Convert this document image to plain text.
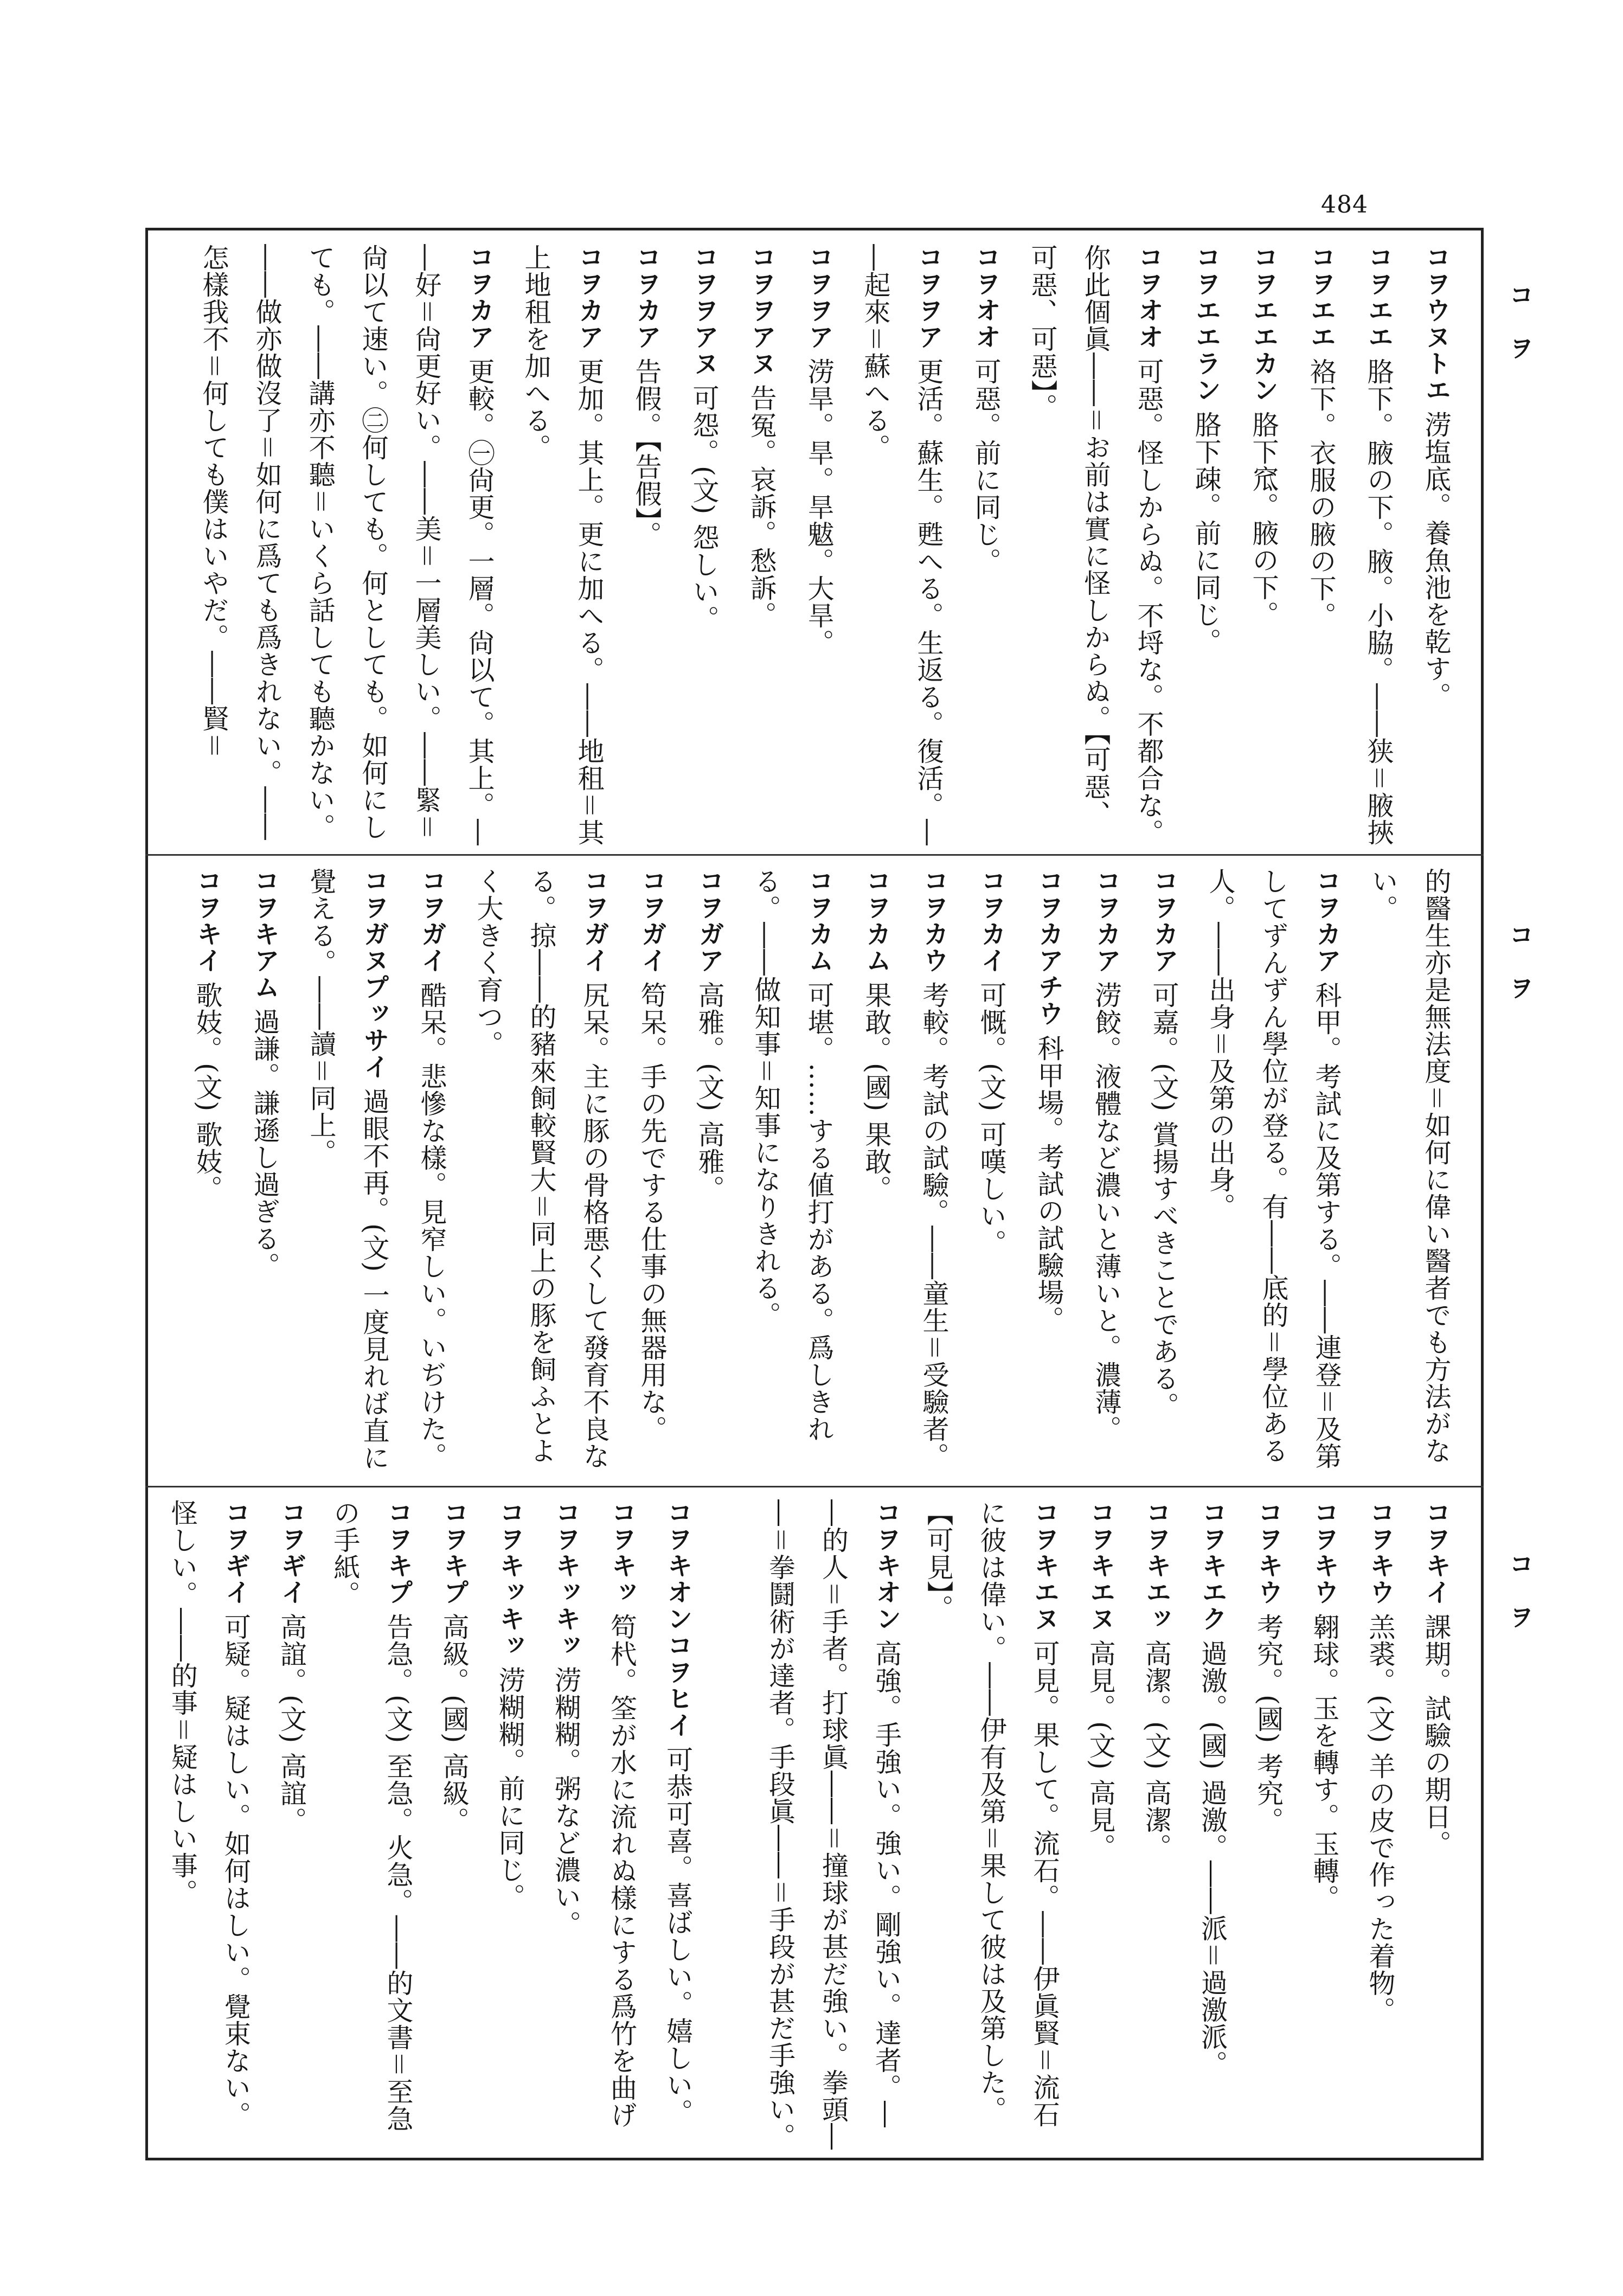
484
コ ヲ
コ ヲ
コ ヲ
コヲウヌトエ涝塩底。養魚池を乾す。
コヲエエ胳下。腋の下。腋。小脇。――狭＝腋挾
コヲエエ袼下。衣服の腋の下。
コヲエエカン胳下窊。腋の下。
コヲエエラン胳下疎。前に同じ。
コヲオオ可惡。怪しからぬ。不埒な。不都合な。你此個眞――＝お前は實に怪しからぬ。【可惡、可惡、可惡】。
コヲオオ可惡。前に同じ。
コヲヲア更活。蘇生。甦へる。生返る。復活。――起來＝蘇へる。
コヲヲア涝旱。旱。旱魃。大旱。
コヲヲアヌ告冤。哀訴。愁訴。
コヲヲアヌ可怨。(文) 怨しい。
コヲカア告假。【告假】。
コヲカア更加。其上。更に加へる。――地租＝其上地租を加へる。
コヲカア更較。㊀尙更。一層。尙以て。其上。――好＝尙更好い。――美＝一層美しい。――緊＝尙以て速い。㊁何しても。何としても。如何にしても。――講亦不聽＝いくら話しても聽かない。――做亦做沒了＝如何に爲ても爲きれない。――怎樣我不＝何しても僕はいやだ。――賢＝
的醫生亦是無法度＝如何に偉い醫者でも方法がない。
コヲカア科甲。考試に及第する。――連登＝及第してずんずん學位が登る。有――底的＝學位ある人。――出身＝及第の出身。
コヲカア可嘉。(文) 賞揚すべきことである。
コヲカア涝餃。液體など濃いと薄いと。濃薄。
コヲカアチウ科甲場。考試の試驗場。
コヲカイ可慨。(文) 可嘆しい。
コヲカウ考較。考試の試驗。――童生＝受驗者。
コヲカム果敢。(國) 果敢。
コヲカム可堪。……する値打がある。爲しきれる。――做知事＝知事になりきれる。
コヲガア高雅。(文) 高雅。
コヲガイ笱呆。手の先でする仕事の無器用な。
コヲガイ尻呆。主に豚の骨格悪くして發育不良なる。掠――的豬來飼較賢大＝同上の豚を飼ふとよく大きく育つ。
コヲガイ酷呆。悲慘な樣。見窄しい。いぢけた。
コヲガヌプッサイ過眼不再。(文) 一度見れば直に覺える。――讀＝同上。
コヲキアム過謙。謙遜し過ぎる。
コヲキイ歌妓。(文) 歌妓。
コヲキイ課期。試驗の期日。
コヲキウ羔裘。(文) 羊の皮で作った着物。
コヲキウ翱球。玉を轉す。玉轉。
コヲキウ考究。(國) 考究。
コヲキエク過激。(國) 過激。――派＝過激派。
コヲキエッ高潔。(文) 高潔。
コヲキエヌ高見。(文) 高見。
コヲキエヌ可見。果して。流石。――伊眞賢＝流石に彼は偉い。――伊有及第＝果して彼は及第した。【可見】。
コヲキオン高強。手強い。強い。剛強い。達者。――的人＝手者。打球眞――＝撞球が甚だ強い。拳頭――＝拳鬪術が達者。手段眞――＝手段が甚だ手強い。
コヲキオンコヲヒイ可恭可喜。喜ばしい。嬉しい。
コヲキッ笱杙。筌が水に流れぬ樣にする爲竹を曲げ
コヲキッキッ涝糊糊。粥など濃い。
コヲキッキッ涝糊糊。前に同じ。
コヲキプ高級。(國) 高級。
コヲキプ告急。(文) 至急。火急。――的文書＝至急の手紙。
コヲギイ高誼。(文) 高誼。
コヲギイ可疑。疑はしい。如何はしい。覺束ない。怪しい。――的事＝疑はしい事。
